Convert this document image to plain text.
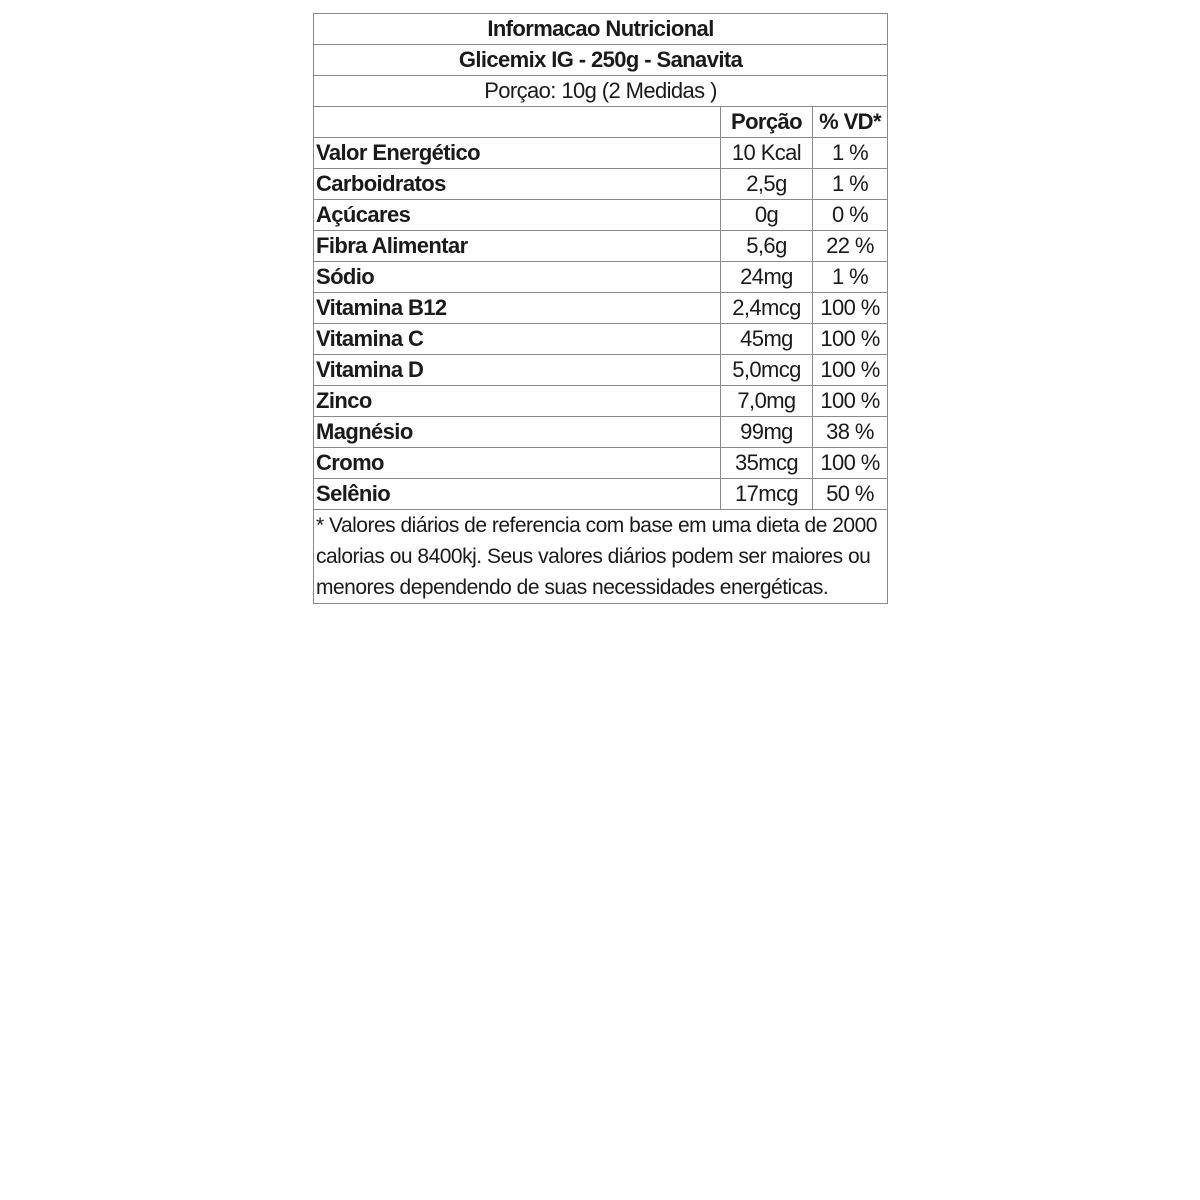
Informacao Nutricional		
Glicemix IG - 250g - Sanavita		
Porçao: 10g (2 Medidas )		
	Porção	% VD*
Valor Energético	10 Kcal	1 %
Carboidratos	2,5g	1 %
Açúcares	0g	0 %
Fibra Alimentar	5,6g	22 %
Sódio	24mg	1 %
Vitamina B12	2,4mcg	100 %
Vitamina C	45mg	100 %
Vitamina D	5,0mcg	100 %
Zinco	7,0mg	100 %
Magnésio	99mg	38 %
Cromo	35mcg	100 %
Selênio	17mcg	50 %
* Valores diários de referencia com base em uma dieta de 2000 calorias ou 8400kj. Seus valores diários podem ser maiores ou menores dependendo de suas necessidades energéticas.		
